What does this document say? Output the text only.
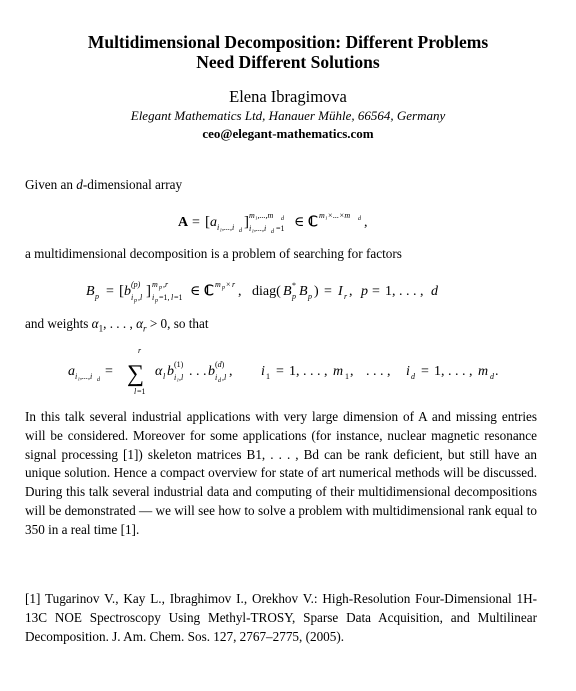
Multidimensional Decomposition: Different Problems
Need Different Solutions
Elena Ibragimova
Elegant Mathematics Ltd, Hanauer Mühle, 66564, Germany
ceo@elegant-mathematics.com
Given an d-dimensional array
A = [ a i₁,...,i d
] m₁,...,m d
i₁,...,i d =1 ∈ ℂ m₁×...×m d ,
a multidimensional decomposition is a problem of searching for factors
B p = [ b (p)
i p ,l ] m p ,r
i p =1, l =1 ∈ ℂ m p × r , diag( B *
p B p ) = I r , p = 1, . . . , d
and weights $\alpha_1$, . . . , $\alpha_r > 0$, so that
a i₁,...,i d
=
r
∑
l =1
α l b (1)
i₁,l . . . b (d)
i d ,l , i 1 = 1, . . . , m 1 , . . . , i d = 1, . . . , m d .
In this talk several industrial applications with very large dimension of A and missing entries will be considered. Moreover for some applications (for instance, nuclear magnetic resonance signal processing [1]) skeleton matrices B1, . . . , Bd can be rank deficient, but still have an unique solution. Hence a compact overview for state of art numerical methods will be discussed. During this talk several industrial data and computing of their multidimensional decompositions will be demonstrated — we will see how to solve a problem with multidimensional rank equal to 350 in a real time [1].
[1] Tugarinov V., Kay L., Ibraghimov I., Orekhov V.: High-Resolution Four-Dimensional 1H-13C NOE Spectroscopy Using Methyl-TROSY, Sparse Data Acquisition, and Multilinear Decomposition. J. Am. Chem. Sos. 127, 2767–2775, (2005).
